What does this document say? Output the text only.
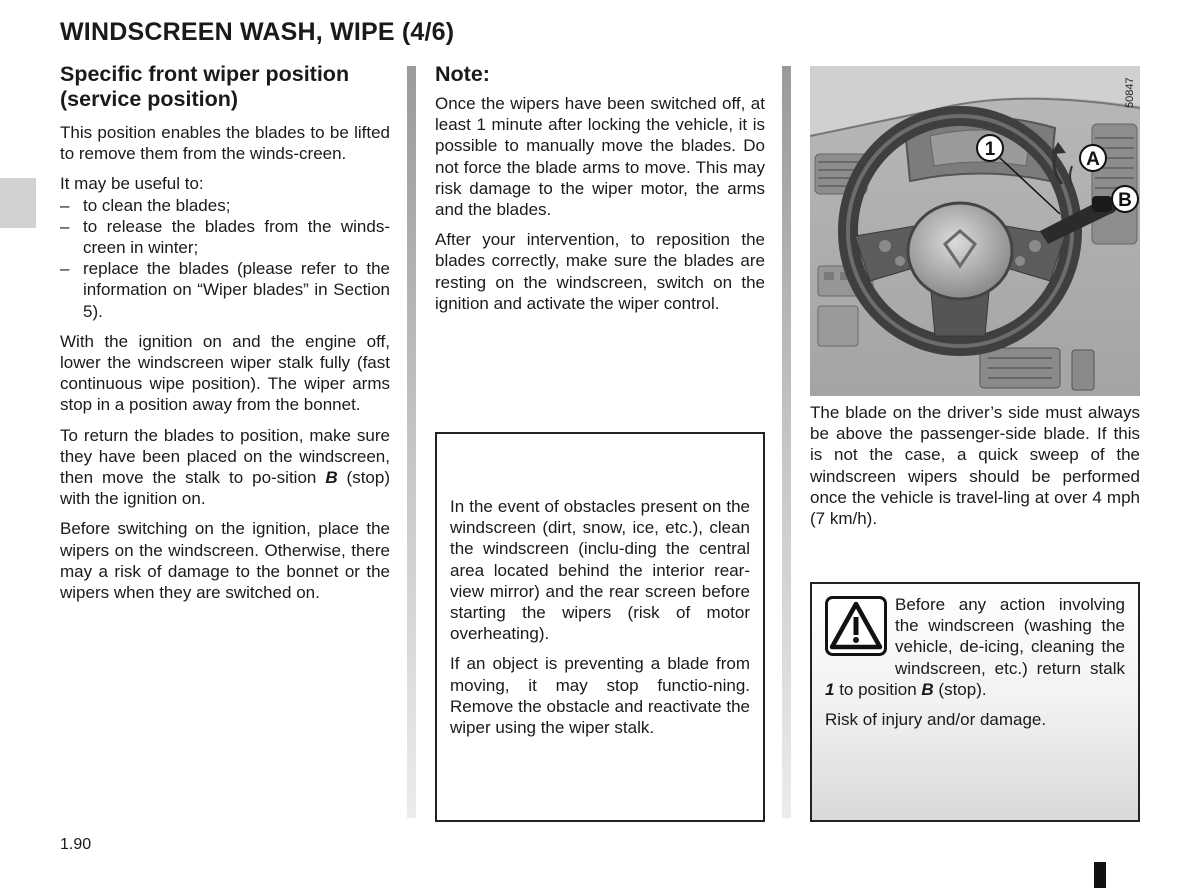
WINDSCREEN WASH, WIPE (4/6)
Specific front wiper position (service position)

This position enables the blades to be lifted to remove them from the winds-creen.

It may be useful to:

– to clean the blades;
– to release the blades from the winds-creen in winter;
– replace the blades (please refer to the information on “Wiper blades” in Section 5).

With the ignition on and the engine off, lower the windscreen wiper stalk fully (fast continuous wipe position). The wiper arms stop in a position away from the bonnet.

To return the blades to position, make sure they have been placed on the windscreen, then move the stalk to po-sition B (stop) with the ignition on.

Before switching on the ignition, place the wipers on the windscreen. Otherwise, there may a risk of damage to the bonnet or the wipers when they are switched on.

Note:

Once the wipers have been switched off, at least 1 minute after locking the vehicle, it is possible to manually move the blades. Do not force the blade arms to move. This may risk damage to the wiper motor, the arms and the blades.

After your intervention, to reposition the blades correctly, make sure the blades are resting on the windscreen, switch on the ignition and activate the wiper control.

In the event of obstacles present on the windscreen (dirt, snow, ice, etc.), clean the windscreen (inclu-ding the central area located behind the interior rear-view mirror) and the rear screen before starting the wipers (risk of motor overheating).

If an object is preventing a blade from moving, it may stop functio-ning. Remove the obstacle and reactivate the wiper using the wiper stalk.

1	A
B
50847

The blade on the driver’s side must always be above the passenger-side blade. If this is not the case, a quick sweep of the windscreen wipers should be performed once the vehicle is travel-ling at over 4 mph (7 km/h).

Before any action involving the windscreen (washing the vehicle, de-icing, cleaning the windscreen, etc.) return stalk 1 to position B (stop).

Risk of injury and/or damage.

1.90
